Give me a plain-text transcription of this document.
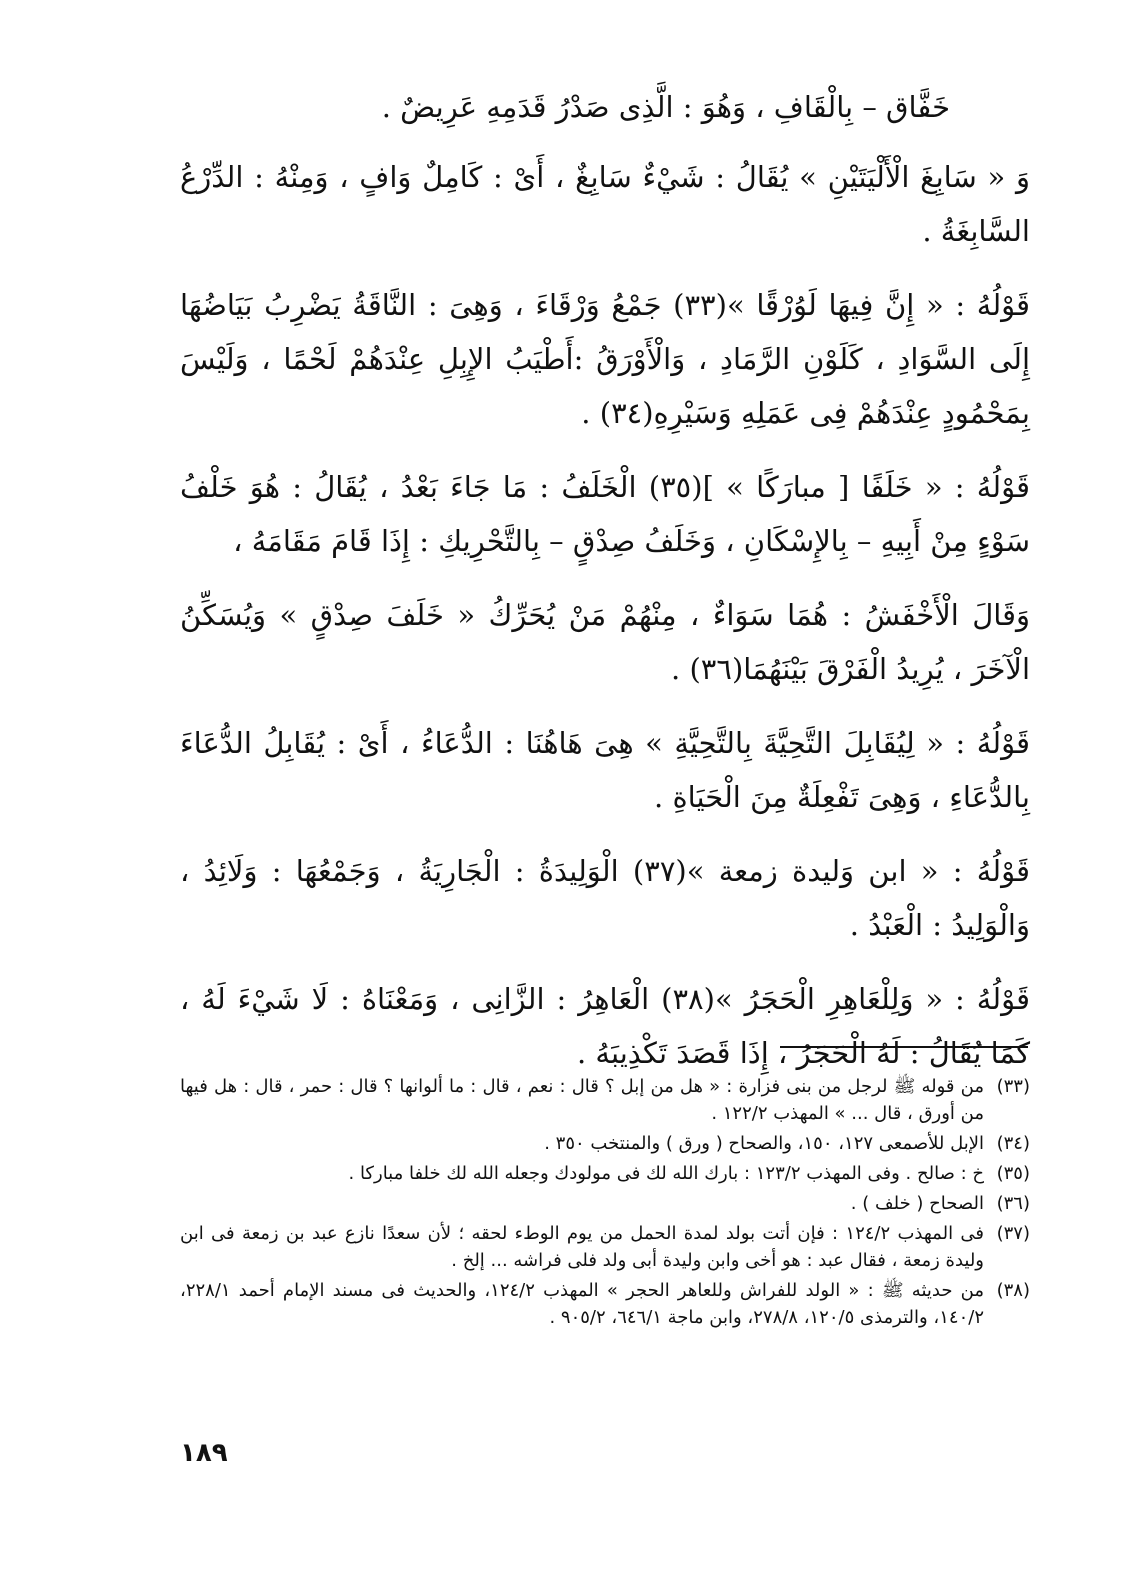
خَفَّاق – بِالْقَافِ ، وَهُوَ : الَّذِى صَدْرُ قَدَمِهِ عَرِيضٌ .

وَ « سَابِغَ الْأَلْيَتَيْنِ » يُقَالُ : شَيْءٌ سَابِغٌ ، أَىْ : كَامِلٌ وَافٍ ، وَمِنْهُ : الدِّرْعُ السَّابِغَةُ .

قَوْلُهُ : « إِنَّ فِيهَا لَوُرْقًا »(٣٣) جَمْعُ وَرْقَاءَ ، وَهِىَ : النَّاقَةُ يَضْرِبُ بَيَاضُهَا إِلَى السَّوَادِ ، كَلَوْنِ الرَّمَادِ ، وَالْأَوْرَقُ :أَطْيَبُ الإِبِلِ عِنْدَهُمْ لَحْمًا ، وَلَيْسَ بِمَحْمُودٍ عِنْدَهُمْ فِى عَمَلِهِ وَسَيْرِهِ(٣٤) .

قَوْلُهُ : « خَلَفًا [ مبارَكًا » ](٣٥) الْخَلَفُ : مَا جَاءَ بَعْدُ ، يُقَالُ : هُوَ خَلْفُ سَوْءٍ مِنْ أَبِيهِ – بِالإِسْكَانِ ، وَخَلَفُ صِدْقٍ – بِالتَّحْرِيكِ : إِذَا قَامَ مَقَامَهُ ،

وَقَالَ الْأَخْفَشُ : هُمَا سَوَاءٌ ، مِنْهُمْ مَنْ يُحَرِّكُ « خَلَفَ صِدْقٍ » وَيُسَكِّنُ الْآخَرَ ، يُرِيدُ الْفَرْقَ بَيْنَهُمَا(٣٦) .

قَوْلُهُ : « لِيُقَابِلَ التَّحِيَّةَ بِالتَّحِيَّةِ » هِىَ هَاهُنَا : الدُّعَاءُ ، أَىْ : يُقَابِلُ الدُّعَاءَ بِالدُّعَاءِ ، وَهِىَ تَفْعِلَةٌ مِنَ الْحَيَاةِ .

قَوْلُهُ : « ابن وَليدة زمعة »(٣٧) الْوَلِيدَةُ : الْجَارِيَةُ ، وَجَمْعُهَا : وَلَائِدُ ، وَالْوَلِيدُ : الْعَبْدُ .

قَوْلُهُ : « وَلِلْعَاهِرِ الْحَجَرُ »(٣٨) الْعَاهِرُ : الزَّانِى ، وَمَعْنَاهُ : لَا شَيْءَ لَهُ ، كَمَا يُقَالُ : لَهُ الْحَجَرُ ، إِذَا قَصَدَ تَكْذِيبَهُ .

(٣٣)
من قوله ﷺ لرجل من بنى فزارة : « هل من إبل ؟ قال : نعم ، قال : ما ألوانها ؟ قال : حمر ، قال : هل فيها من أورق ، قال ... » المهذب ١٢٢/٢ .
(٣٤)
الإبل للأصمعى ١٢٧، ١٥٠، والصحاح ( ورق ) والمنتخب ٣٥٠ .
(٣٥)
خ : صالح . وفى المهذب ١٢٣/٢ : بارك الله لك فى مولودك وجعله الله لك خلفا مباركا .
(٣٦)
الصحاح ( خلف ) .
(٣٧)
فى المهذب ١٢٤/٢ : فإن أتت بولد لمدة الحمل من يوم الوطء لحقه ؛ لأن سعدًا نازع عبد بن زمعة فى ابن وليدة زمعة ، فقال عبد : هو أخى وابن وليدة أبى ولد فلى فراشه ... إلخ .
(٣٨)
من حديثه ﷺ : « الولد للفراش وللعاهر الحجر » المهذب ١٢٤/٢، والحديث فى مسند الإمام أحمد ٢٢٨/١، ١٤٠/٢، والترمذى ١٢٠/٥، ٢٧٨/٨، وابن ماجة ٦٤٦/١، ٩٠٥/٢ .
١٨٩
